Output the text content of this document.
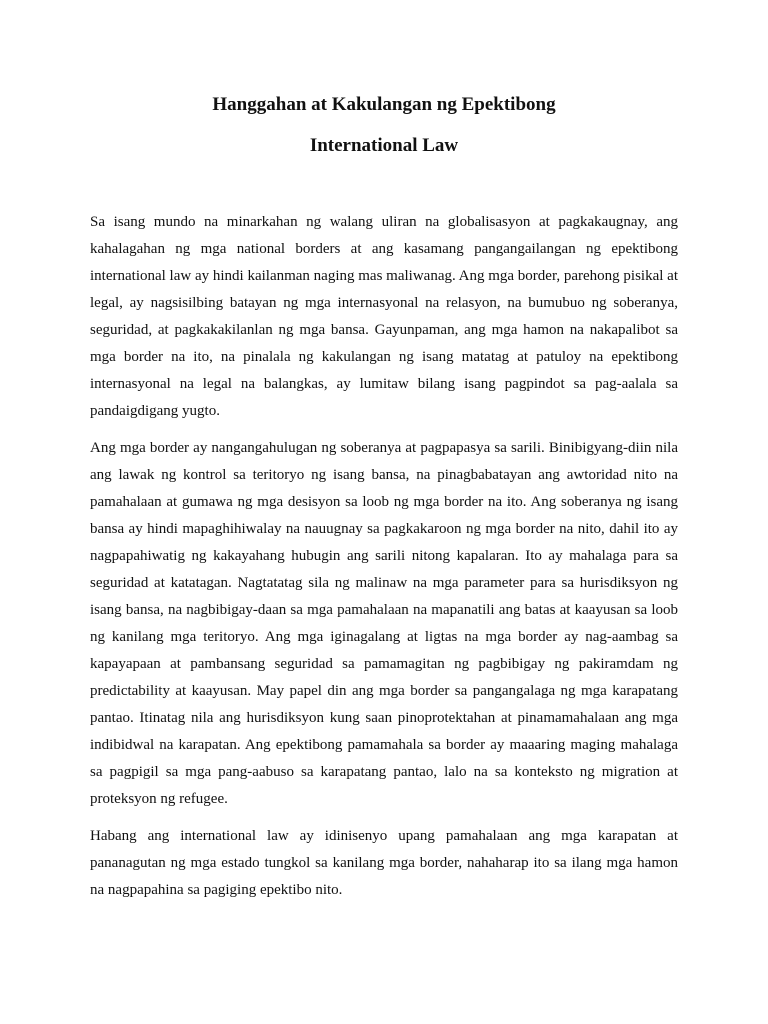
Hanggahan at Kakulangan ng Epektibong
International Law

Sa isang mundo na minarkahan ng walang uliran na globalisasyon at pagkakaugnay, ang kahalagahan ng mga national borders at ang kasamang pangangailangan ng epektibong international law ay hindi kailanman naging mas maliwanag. Ang mga border, parehong pisikal at legal, ay nagsisilbing batayan ng mga internasyonal na relasyon, na bumubuo ng soberanya, seguridad, at pagkakakilanlan ng mga bansa. Gayunpaman, ang mga hamon na nakapalibot sa mga border na ito, na pinalala ng kakulangan ng isang matatag at patuloy na epektibong internasyonal na legal na balangkas, ay lumitaw bilang isang pagpindot sa pag-aalala sa pandaigdigang yugto.

Ang mga border ay nangangahulugan ng soberanya at pagpapasya sa sarili. Binibigyang-diin nila ang lawak ng kontrol sa teritoryo ng isang bansa, na pinagbabatayan ang awtoridad nito na pamahalaan at gumawa ng mga desisyon sa loob ng mga border na ito. Ang soberanya ng isang bansa ay hindi mapaghihiwalay na nauugnay sa pagkakaroon ng mga border na nito, dahil ito ay nagpapahiwatig ng kakayahang hubugin ang sarili nitong kapalaran. Ito ay mahalaga para sa seguridad at katatagan. Nagtatatag sila ng malinaw na mga parameter para sa hurisdiksyon ng isang bansa, na nagbibigay-daan sa mga pamahalaan na mapanatili ang batas at kaayusan sa loob ng kanilang mga teritoryo. Ang mga iginagalang at ligtas na mga border ay nag-aambag sa kapayapaan at pambansang seguridad sa pamamagitan ng pagbibigay ng pakiramdam ng predictability at kaayusan. May papel din ang mga border sa pangangalaga ng mga karapatang pantao. Itinatag nila ang hurisdiksyon kung saan pinoprotektahan at pinamamahalaan ang mga indibidwal na karapatan. Ang epektibong pamamahala sa border ay maaaring maging mahalaga sa pagpigil sa mga pang-aabuso sa karapatang pantao, lalo na sa konteksto ng migration at proteksyon ng refugee.

Habang ang international law ay idinisenyo upang pamahalaan ang mga karapatan at pananagutan ng mga estado tungkol sa kanilang mga border, nahaharap ito sa ilang mga hamon na nagpapahina sa pagiging epektibo nito.
